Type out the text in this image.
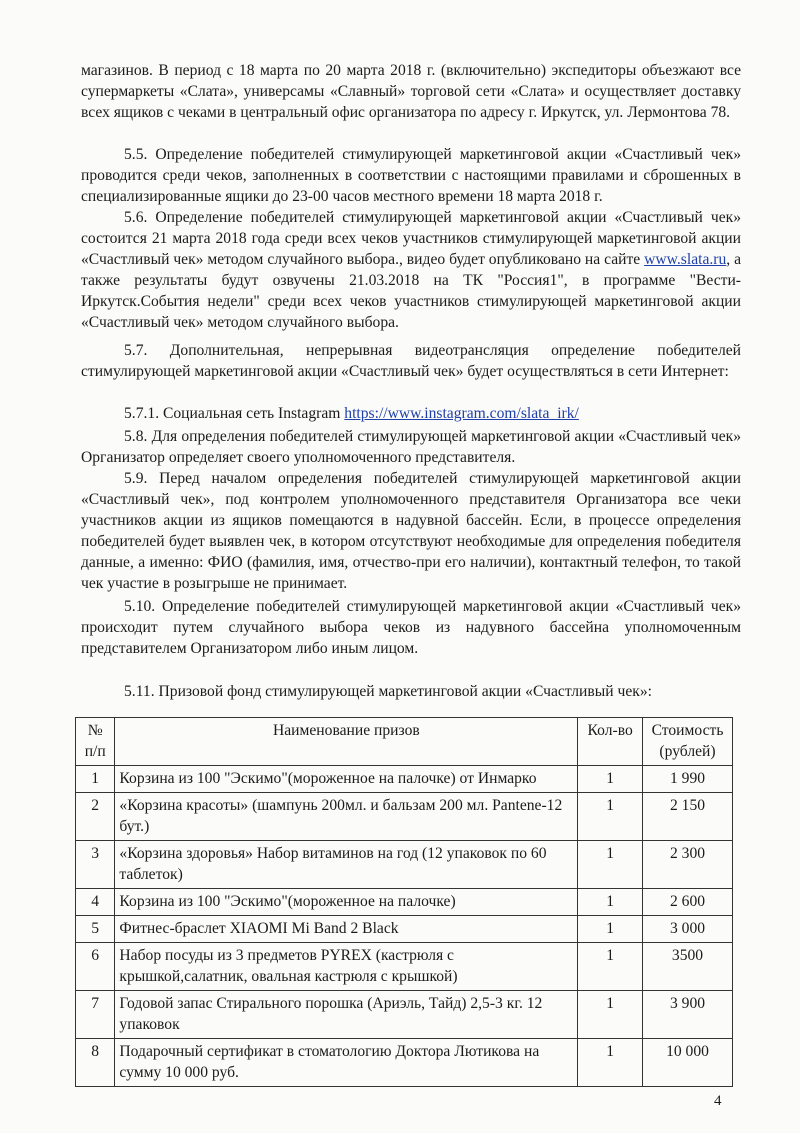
магазинов. В период с 18 марта по 20 марта 2018 г. (включительно) экспедиторы объезжают все супермаркеты «Слата», универсамы «Славный» торговой сети «Слата» и осуществляет доставку всех ящиков с чеками в центральный офис организатора по адресу г. Иркутск, ул. Лермонтова 78.

5.5. Определение победителей стимулирующей маркетинговой акции «Счастливый чек» проводится среди чеков, заполненных в соответствии с настоящими правилами и сброшенных в специализированные ящики до 23-00 часов местного времени 18 марта 2018 г.

5.6. Определение победителей стимулирующей маркетинговой акции «Счастливый чек» состоится 21 марта 2018 года среди всех чеков участников стимулирующей маркетинговой акции «Счастливый чек» методом случайного выбора., видео будет опубликовано на сайте www.slata.ru, а также результаты будут озвучены 21.03.2018 на ТК "Россия1", в программе "Вести-Иркутск.События недели" среди всех чеков участников стимулирующей маркетинговой акции «Счастливый чек» методом случайного выбора.

5.7. Дополнительная, непрерывная видеотрансляция определение победителей стимулирующей маркетинговой акции «Счастливый чек» будет осуществляться в сети Интернет:

5.7.1. Социальная сеть Instagram https://www.instagram.com/slata_irk/

5.8. Для определения победителей стимулирующей маркетинговой акции «Счастливый чек» Организатор определяет своего уполномоченного представителя.

5.9. Перед началом определения победителей стимулирующей маркетинговой акции «Счастливый чек», под контролем уполномоченного представителя Организатора все чеки участников акции из ящиков помещаются в надувной бассейн. Если, в процессе определения победителей будет выявлен чек, в котором отсутствуют необходимые для определения победителя данные, а именно: ФИО (фамилия, имя, отчество-при его наличии), контактный телефон, то такой чек участие в розыгрыше не принимает.

5.10. Определение победителей стимулирующей маркетинговой акции «Счастливый чек» происходит путем случайного выбора чеков из надувного бассейна уполномоченным представителем Организатором либо иным лицом.

5.11. Призовой фонд стимулирующей маркетинговой акции «Счастливый чек»:

№ п/п	Наименование призов	Кол-во	Стоимость (рублей)
1	Корзина из 100 "Эскимо"(мороженное на палочке) от Инмарко	1	1 990
2	«Корзина красоты» (шампунь 200мл. и бальзам 200 мл. Pantene-12 бут.)	1	2 150
3	«Корзина здоровья» Набор витаминов на год (12 упаковок по 60 таблеток)	1	2 300
4	Корзина из 100 "Эскимо"(мороженное на палочке)	1	2 600
5	Фитнес-браслет XIAOMI Mi Band 2 Black	1	3 000
6	Набор посуды из 3 предметов PYREX (кастрюля с крышкой,салатник, овальная кастрюля с крышкой)	1	3500
7	Годовой запас Стирального порошка (Ариэль, Тайд) 2,5-3 кг. 12 упаковок	1	3 900
8	Подарочный сертификат в стоматологию Доктора Лютикова на сумму 10 000 руб.	1	10 000
4
